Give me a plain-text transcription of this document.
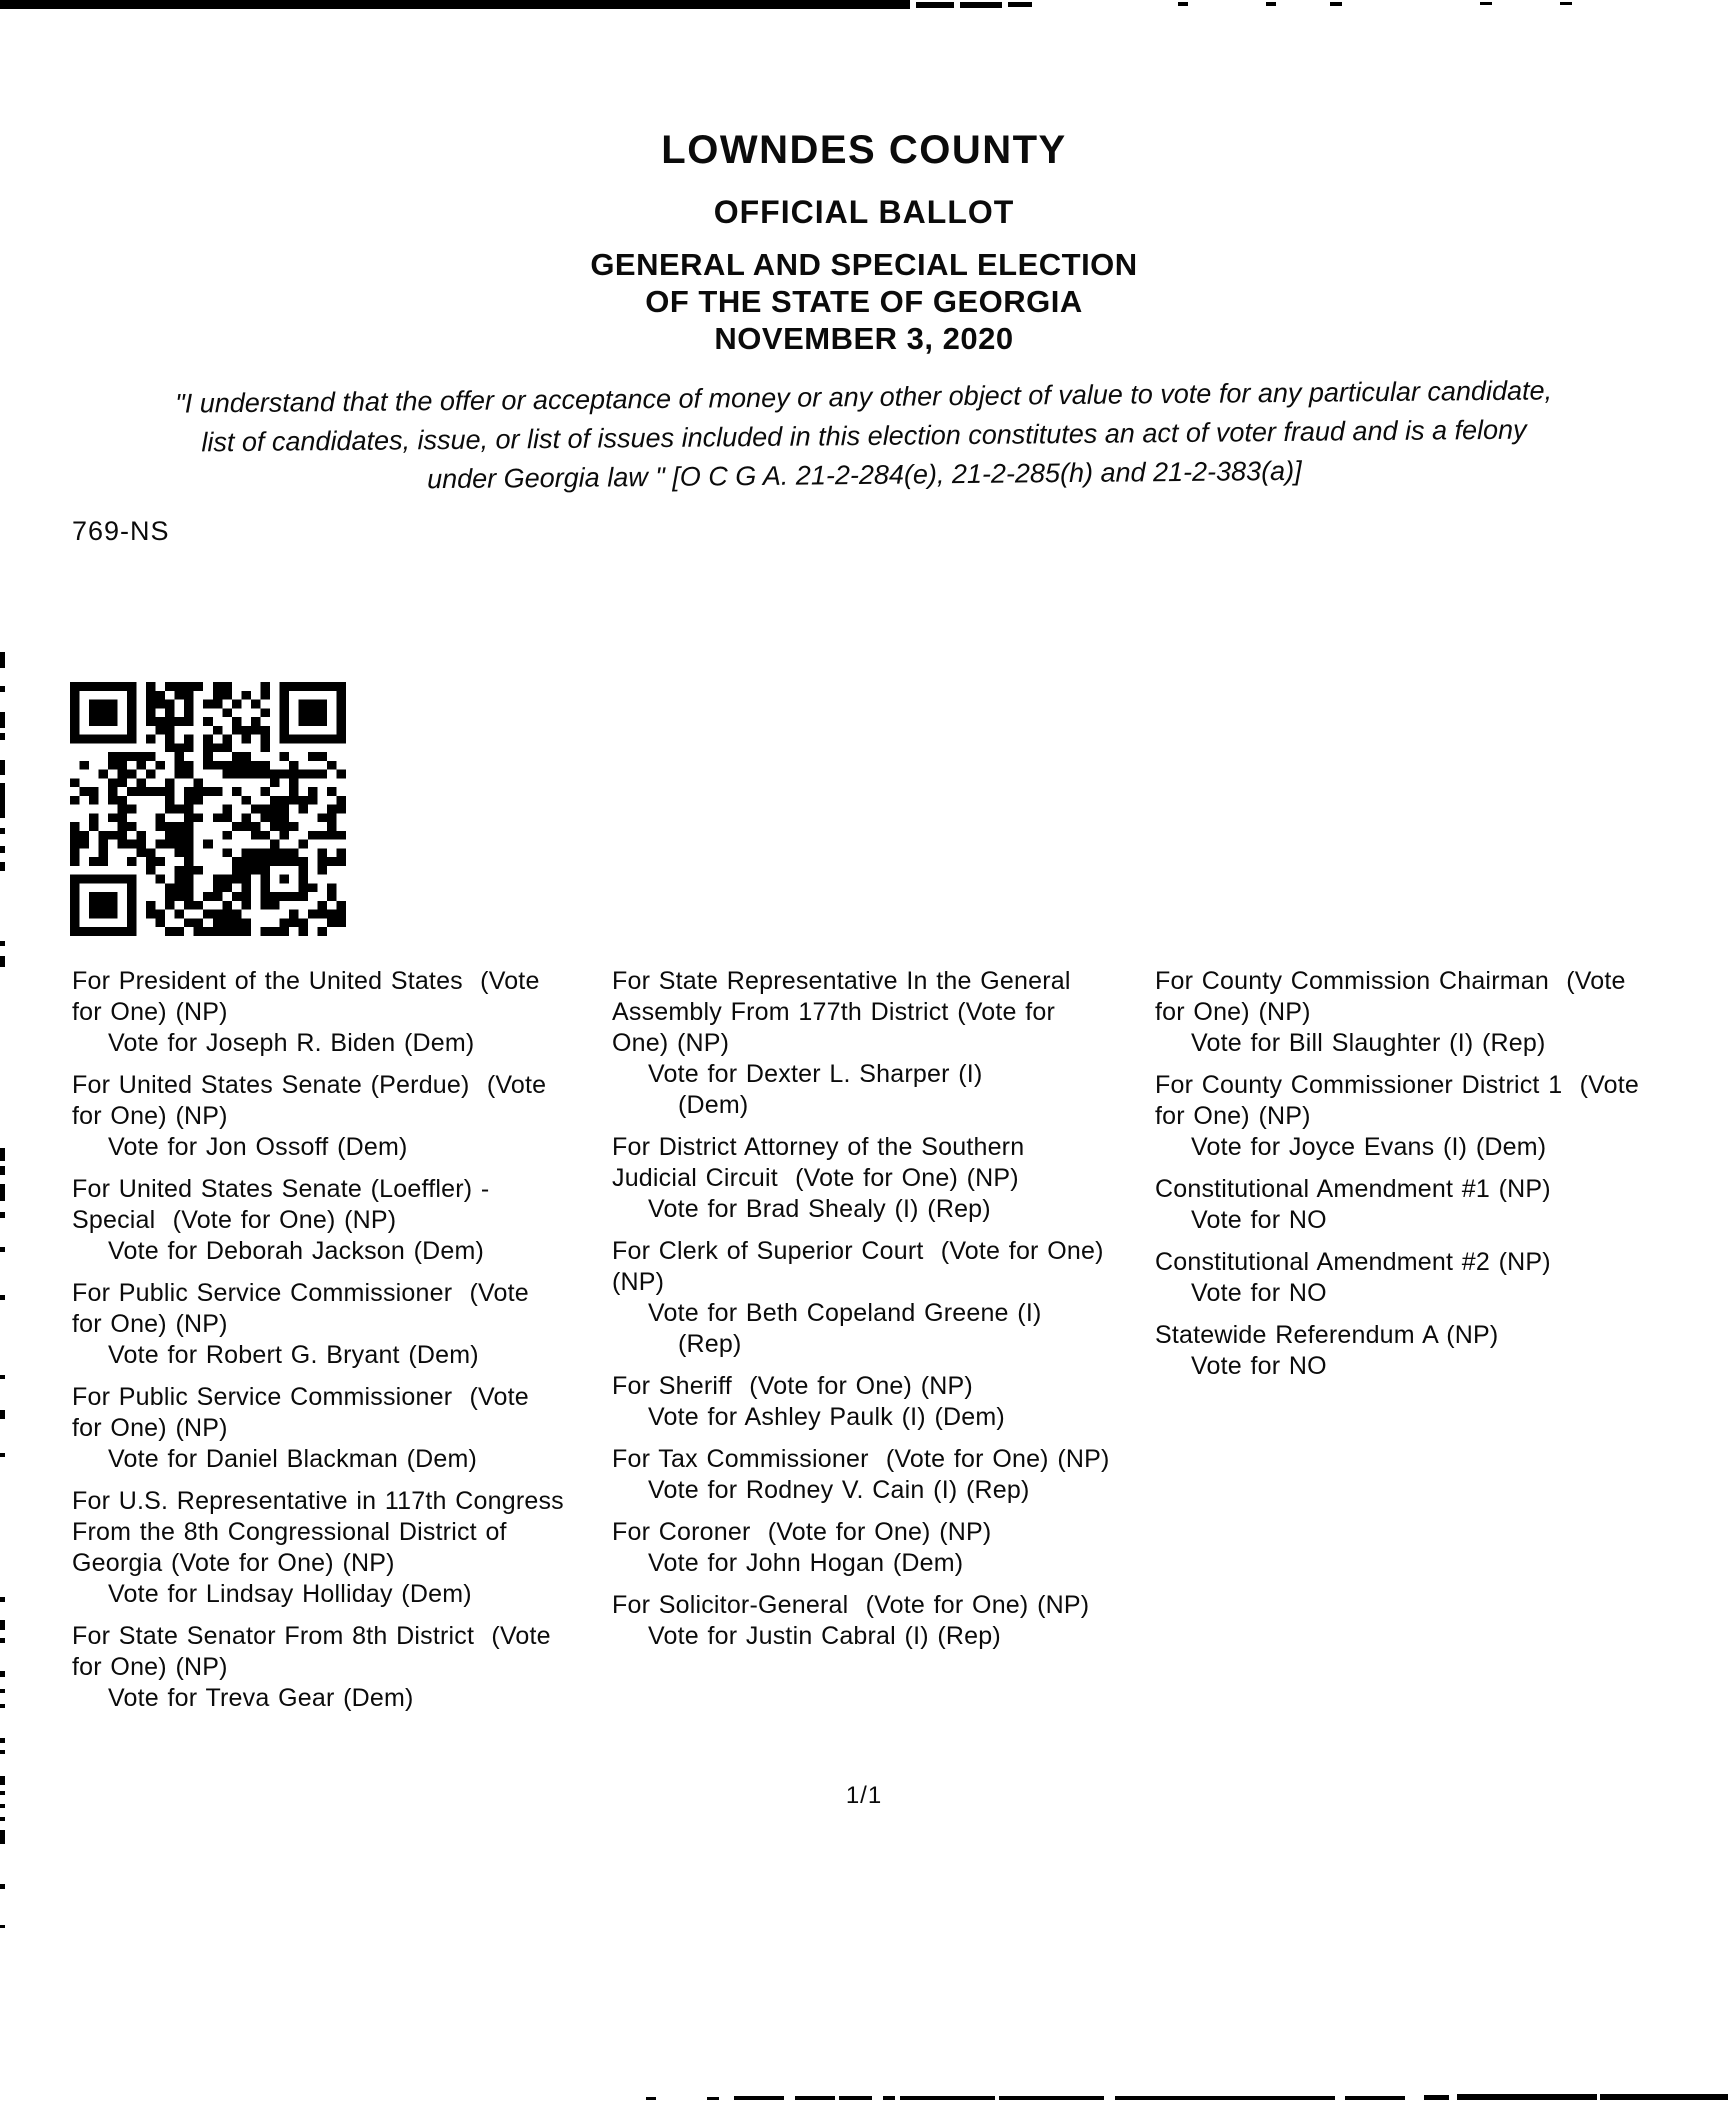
LOWNDES COUNTY
OFFICIAL BALLOT
GENERAL AND SPECIAL ELECTION
OF THE STATE OF GEORGIA
NOVEMBER 3, 2020
"I understand that the offer or acceptance of money or any other object of value to vote for any particular candidate,
list of candidates, issue, or list of issues included in this election constitutes an act of voter fraud and is a felony
under Georgia law " [O C G A. 21-2-284(e), 21-2-285(h) and 21-2-383(a)]
769-NS
For President of the United States  (Vote
for One) (NP)
Vote for Joseph R. Biden (Dem)
For United States Senate (Perdue)  (Vote
for One) (NP)
Vote for Jon Ossoff (Dem)
For United States Senate (Loeffler) -
Special  (Vote for One) (NP)
Vote for Deborah Jackson (Dem)
For Public Service Commissioner  (Vote
for One) (NP)
Vote for Robert G. Bryant (Dem)
For Public Service Commissioner  (Vote
for One) (NP)
Vote for Daniel Blackman (Dem)
For U.S. Representative in 117th Congress
From the 8th Congressional District of
Georgia (Vote for One) (NP)
Vote for Lindsay Holliday (Dem)
For State Senator From 8th District  (Vote
for One) (NP)
Vote for Treva Gear (Dem)
For State Representative In the General
Assembly From 177th District (Vote for
One) (NP)
Vote for Dexter L. Sharper (I)
(Dem)
For District Attorney of the Southern
Judicial Circuit  (Vote for One) (NP)
Vote for Brad Shealy (I) (Rep)
For Clerk of Superior Court  (Vote for One)
(NP)
Vote for Beth Copeland Greene (I)
(Rep)
For Sheriff  (Vote for One) (NP)
Vote for Ashley Paulk (I) (Dem)
For Tax Commissioner  (Vote for One) (NP)
Vote for Rodney V. Cain (I) (Rep)
For Coroner  (Vote for One) (NP)
Vote for John Hogan (Dem)
For Solicitor-General  (Vote for One) (NP)
Vote for Justin Cabral (I) (Rep)
For County Commission Chairman  (Vote
for One) (NP)
Vote for Bill Slaughter (I) (Rep)
For County Commissioner District 1  (Vote
for One) (NP)
Vote for Joyce Evans (I) (Dem)
Constitutional Amendment #1 (NP)
Vote for NO
Constitutional Amendment #2 (NP)
Vote for NO
Statewide Referendum A (NP)
Vote for NO
1/1
